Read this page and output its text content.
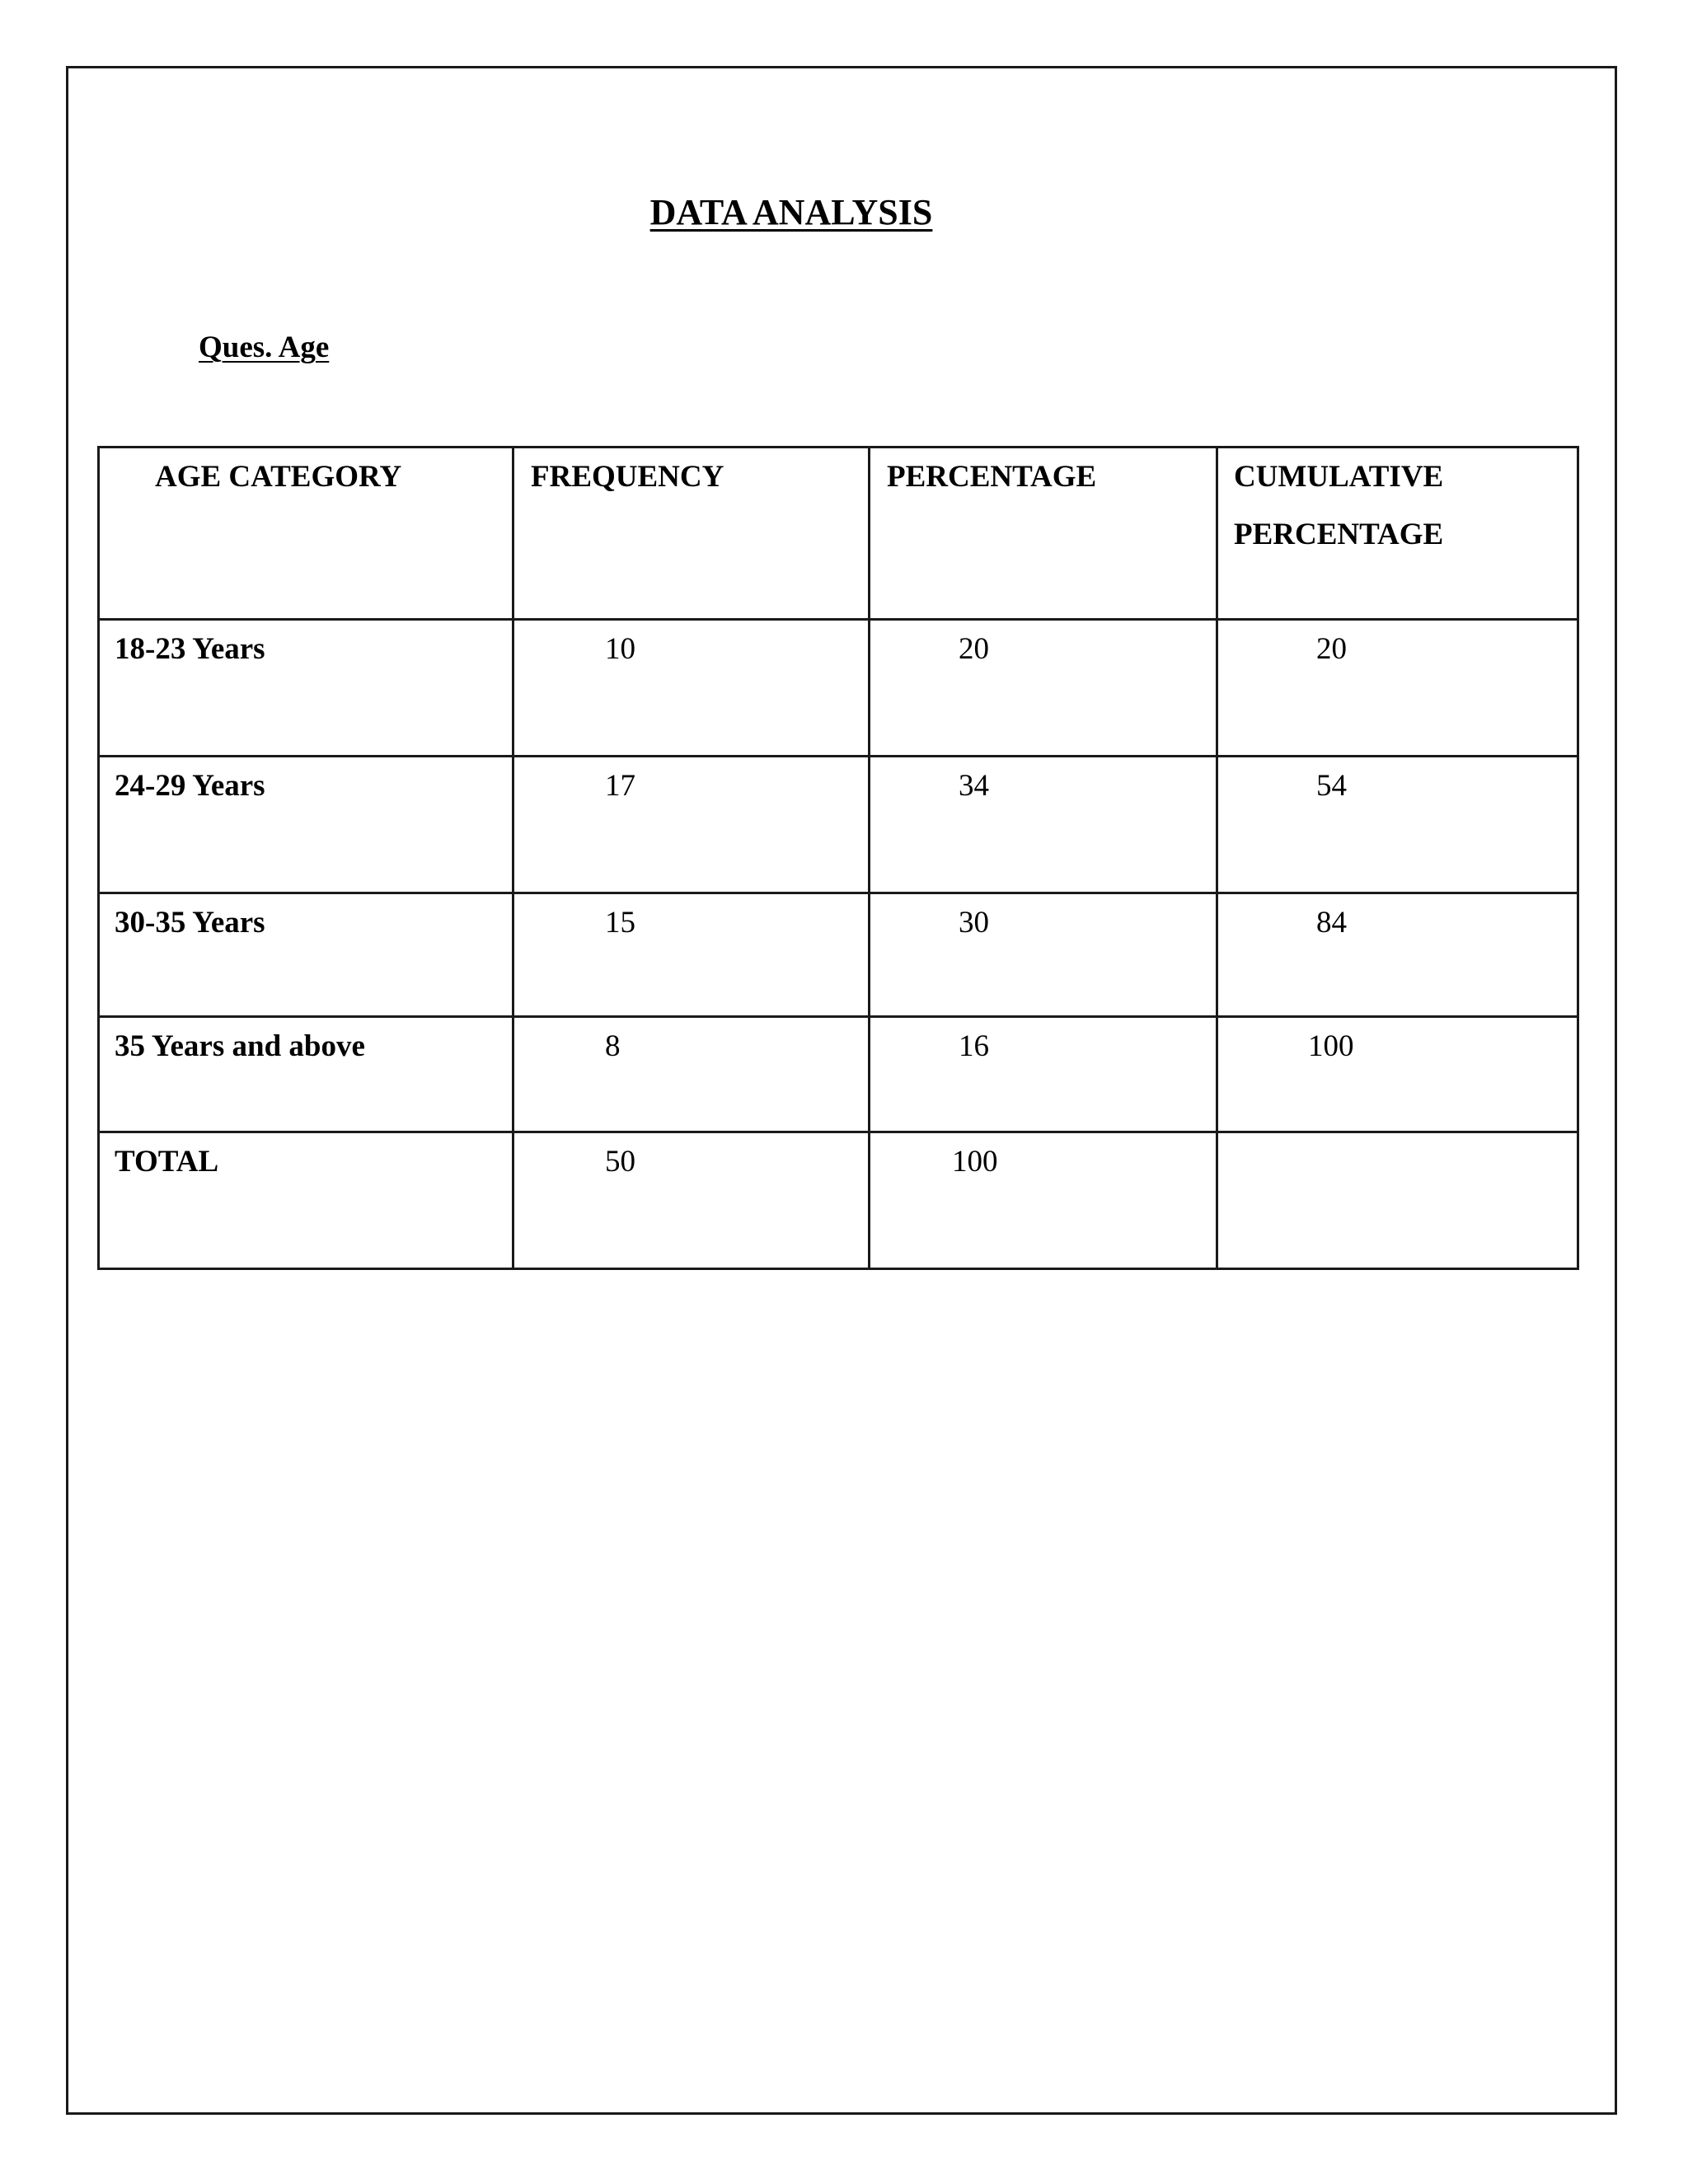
DATA ANALYSIS
Ques. Age
AGE CATEGORY	FREQUENCY	PERCENTAGE	CUMULATIVE
PERCENTAGE
18-23 Years	10	20	20
24-29 Years	17	34	54
30-35 Years	15	30	84
35 Years and above	8	16	100
TOTAL	50	100	
